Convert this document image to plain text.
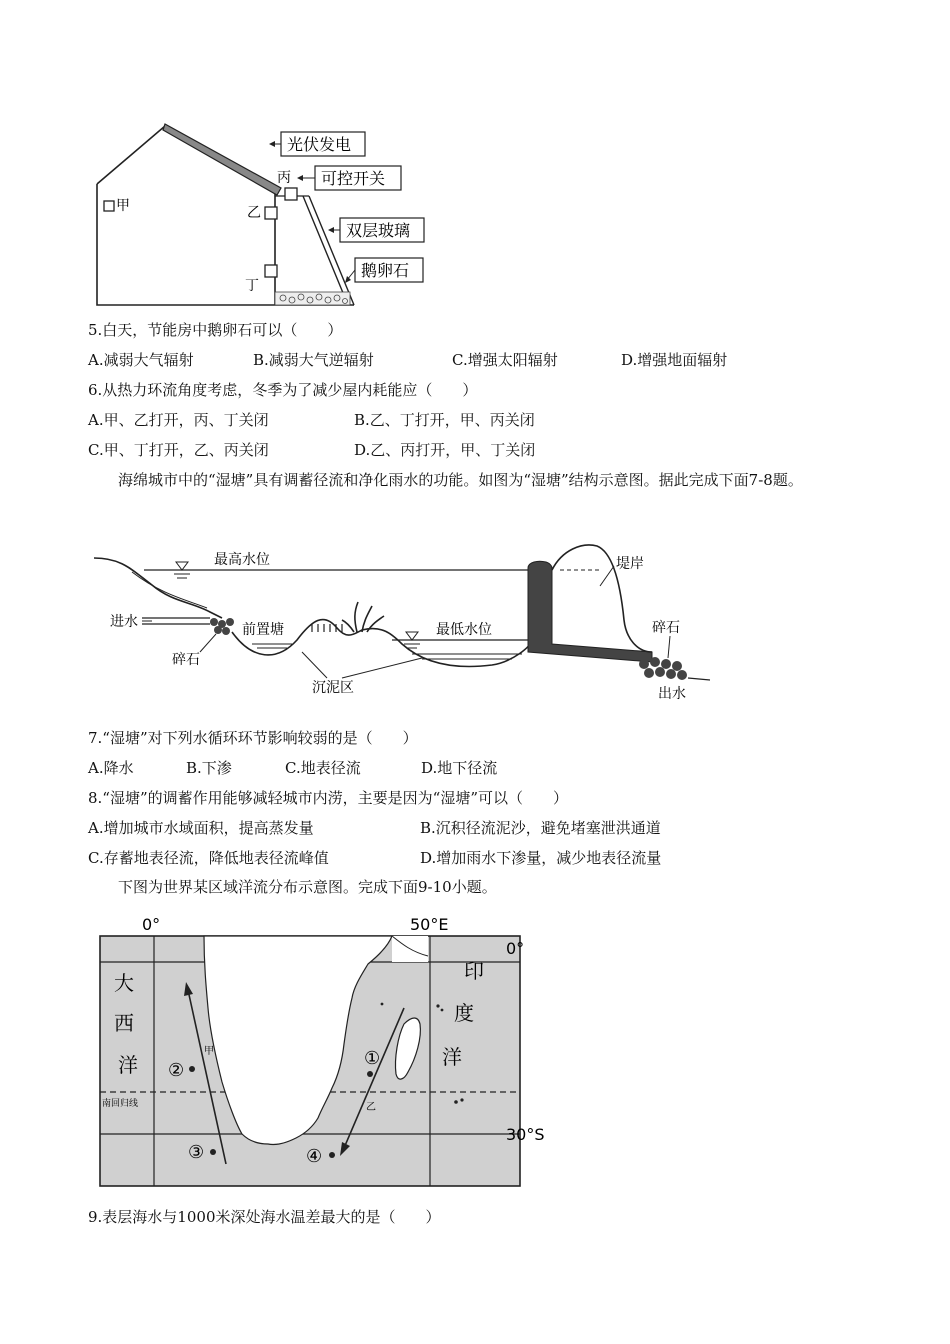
甲	乙
丙
丁
光伏发电
可控开关
双层玻璃
鹅卵石
5.白天，节能房中鹅卵石可以（　　）
A.减弱大气辐射	B.减弱大气逆辐射	C.增强太阳辐射	D.增强地面辐射
6.从热力环流角度考虑，冬季为了减少屋内耗能应（　　）
A.甲、乙打开，丙、丁关闭	B.乙、丁打开，甲、丙关闭
C.甲、丁打开，乙、丙关闭	D.乙、丙打开，甲、丁关闭
海绵城市中的“湿塘”具有调蓄径流和净化雨水的功能。如图为“湿塘”结构示意图。据此完成下面7-8题。
最高水位
进水
碎石
前置塘	最低水位
沉泥区
堤岸
碎石
出水
7.“湿塘”对下列水循环环节影响较弱的是（　　）
A.降水	B.下渗	C.地表径流	D.地下径流
8.“湿塘”的调蓄作用能够减轻城市内涝，主要是因为“湿塘”可以（　　）
A.增加城市水域面积，提高蒸发量	B.沉积径流泥沙，避免堵塞泄洪通道
C.存蓄地表径流，降低地表径流峰值	D.增加雨水下渗量，减少地表径流量
下图为世界某区域洋流分布示意图。完成下面9-10小题。
0°	50°E
0°
30°S
南回归线
大
西
洋
印
度
洋
甲
乙
①
②
③	④
9.表层海水与1000米深处海水温差最大的是（　　）
